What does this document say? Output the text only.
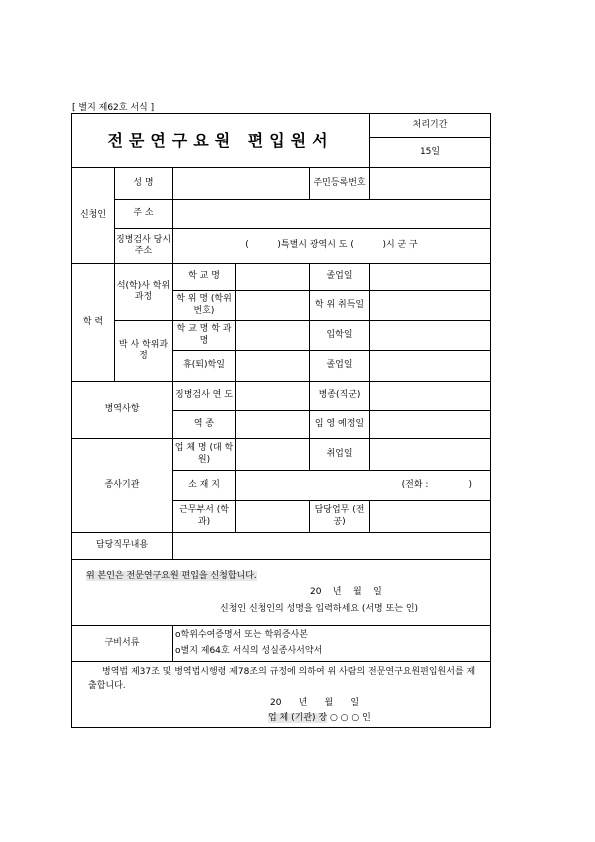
[ 별지 제62호 서식 ]
전문연구요원 편입원서					처리기간
					15일
신청인	성 명			주민등록번호	
	주 소				
	징병검사 당시주소	(          )특별시 광역시 도 (          )시 군 구			
학 력	석(학)사 학위과정	학 교 명		졸업일	
		학 위 명 (학위번호)		학 위 취득일	
	박 사 학위과정	학 교 명 학 과 명		입학일	
		휴(퇴)학일		졸업일	
병역사항		징병검사 연 도		병종(직군)	
		역 종		임 영 예정일	
종사기관		업 체 명 (대 학 원)		취업일	
		소 재 지	(전화 :              )		
		근무부서 (학 과)		담당업무 (전공)	
담당직무내용					

위 본인은 전문연구요원 편입을 신청합니다.
20    년    월    일
신청인 신청인의 성명을 입력하세요 (서명 또는 인)					

구비서류		o학위수여증명서 또는 학위증사본
o별지 제64호 서식의 성실종사서약서			

병역법 제37조 및 병역법시행령 제78조의 규정에 의하여 위 사람의 전문연구요원편입원서를 제출합니다.
20      년      월      일
업 체 (기관) 장 ○ ○ ○ 인					
